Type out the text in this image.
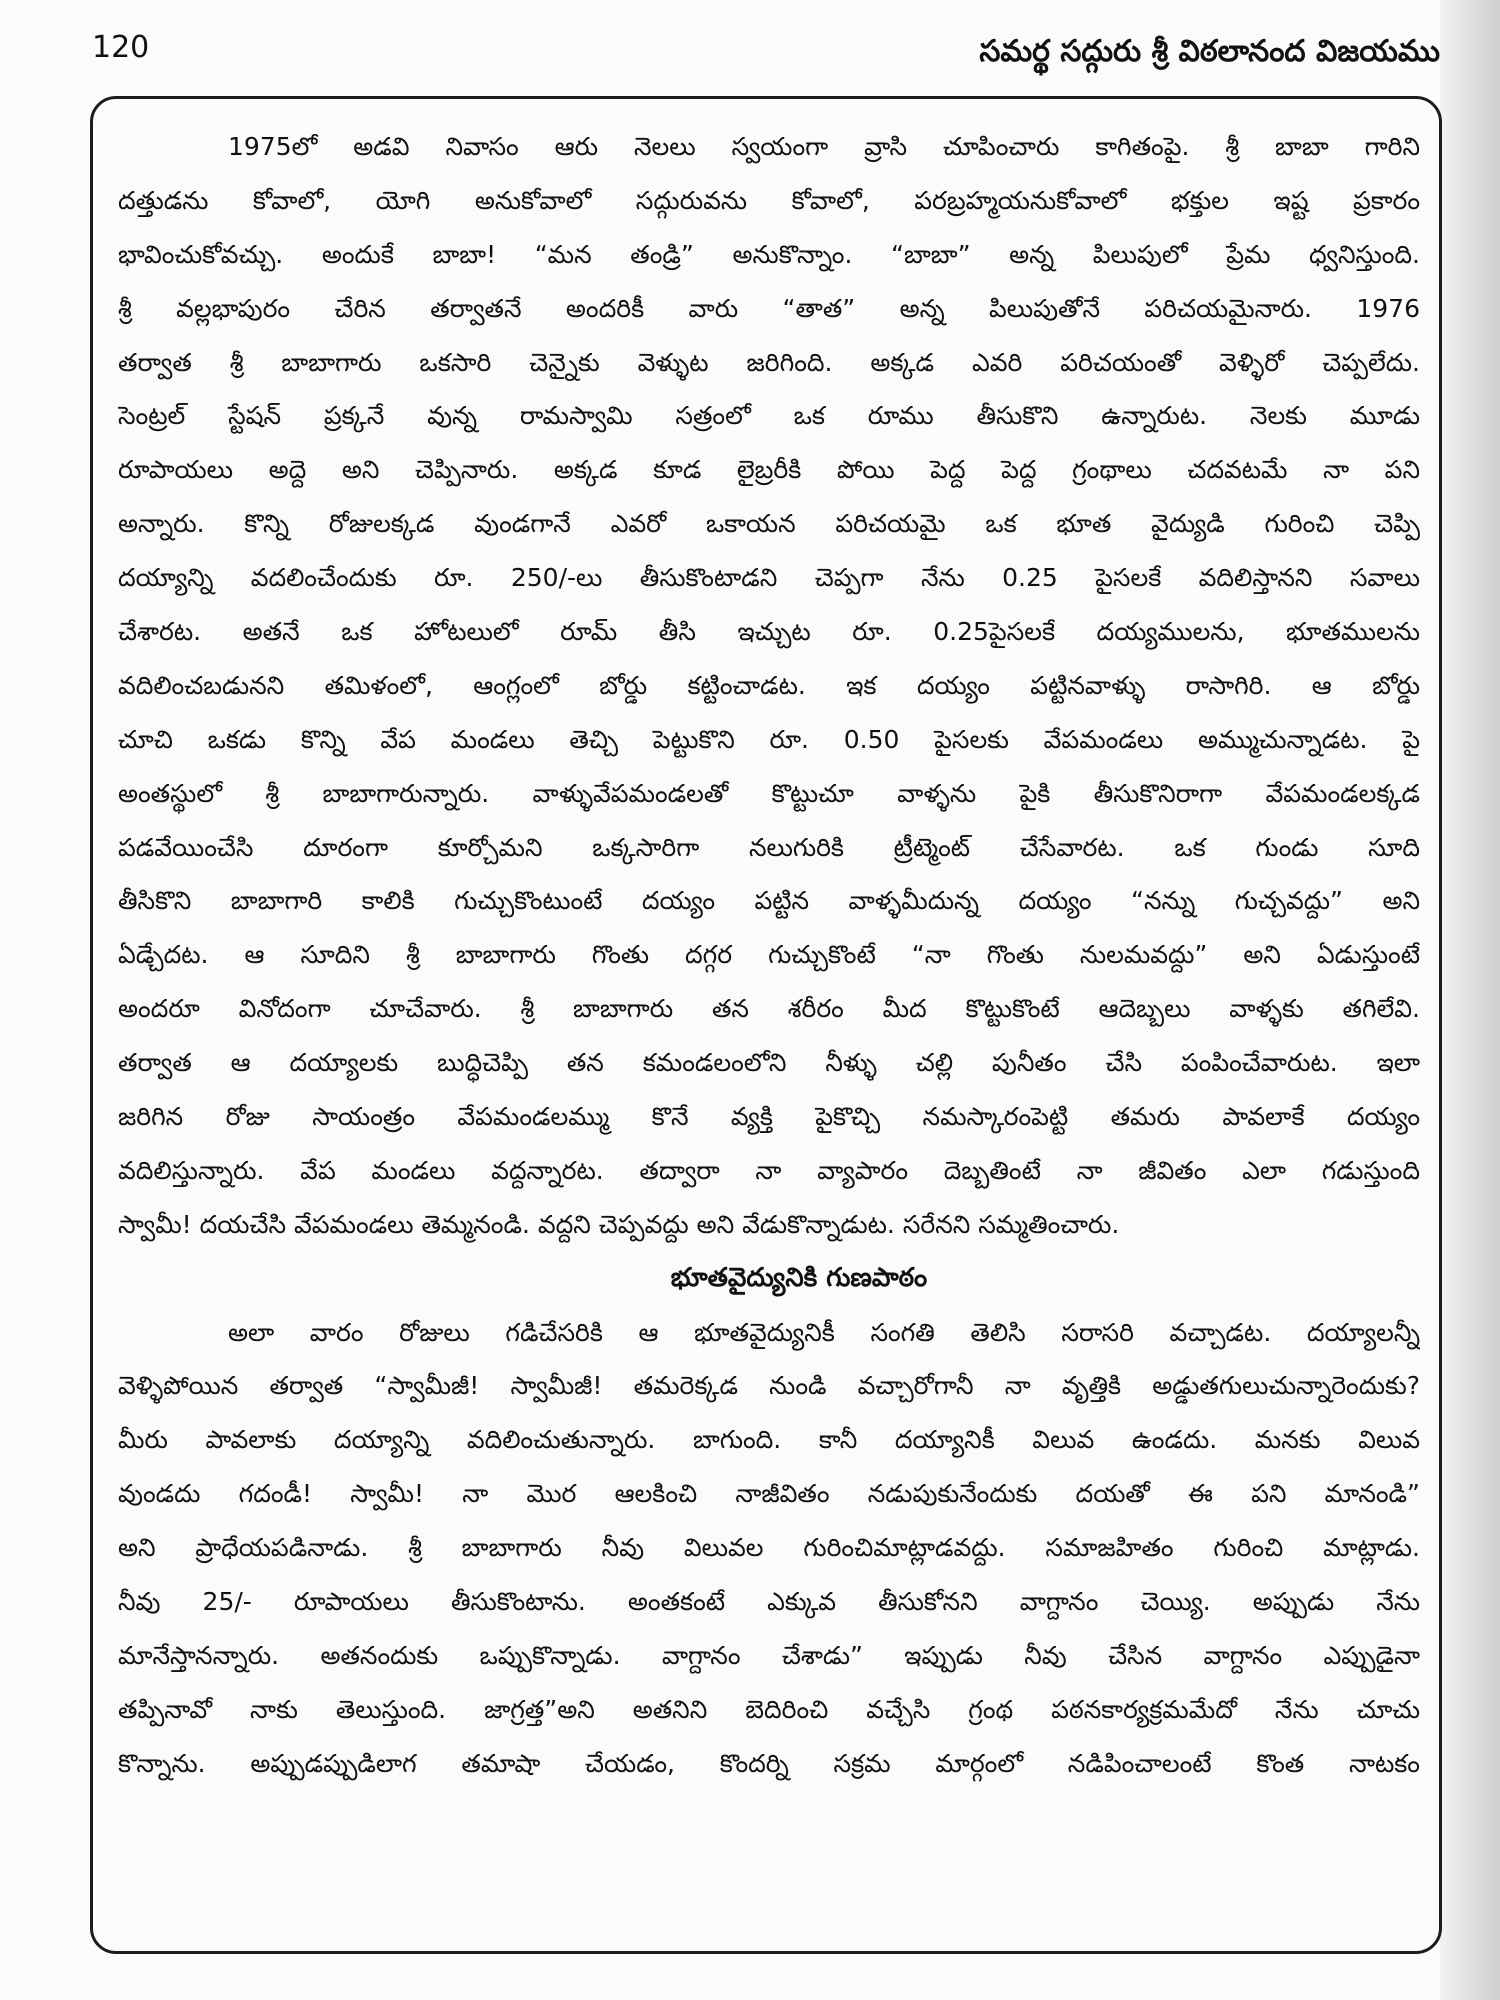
120	సమర్థ సద్గురు శ్రీ విఠలానంద విజయము
1975లో అడవి నివాసం ఆరు నెలలు స్వయంగా వ్రాసి చూపించారు కాగితంపై. శ్రీ బాబా గారిని
దత్తుడను కోవాలో, యోగి అనుకోవాలో సద్గురువను కోవాలో, పరబ్రహ్మయనుకోవాలో భక్తుల ఇష్ట ప్రకారం
భావించుకోవచ్చు. అందుకే బాబా! “మన తండ్రి” అనుకొన్నాం. “బాబా” అన్న పిలుపులో ప్రేమ ధ్వనిస్తుంది.
శ్రీ వల్లభాపురం చేరిన తర్వాతనే అందరికీ వారు “తాత” అన్న పిలుపుతోనే పరిచయమైనారు. 1976
తర్వాత శ్రీ బాబాగారు ఒకసారి చెన్నైకు వెళ్ళుట జరిగింది. అక్కడ ఎవరి పరిచయంతో వెళ్ళిరో చెప్పలేదు.
సెంట్రల్ స్టేషన్ ప్రక్కనే వున్న రామస్వామి సత్రంలో ఒక రూము తీసుకొని ఉన్నారుట. నెలకు మూడు
రూపాయలు అద్దె అని చెప్పినారు. అక్కడ కూడ లైబ్రరీకి పోయి పెద్ద పెద్ద గ్రంథాలు చదవటమే నా పని
అన్నారు. కొన్ని రోజులక్కడ వుండగానే ఎవరో ఒకాయన పరిచయమై ఒక భూత వైద్యుడి గురించి చెప్పి
దయ్యాన్ని వదలించేందుకు రూ. 250/-లు తీసుకొంటాడని చెప్పగా నేను 0.25 పైసలకే వదిలిస్తానని సవాలు
చేశారట. అతనే ఒక హోటలులో రూమ్ తీసి ఇచ్చుట రూ. 0.25పైసలకే దయ్యములను, భూతములను
వదిలించబడునని తమిళంలో, ఆంగ్లంలో బోర్డు కట్టించాడట. ఇక దయ్యం పట్టినవాళ్ళు రాసాగిరి. ఆ బోర్డు
చూచి ఒకడు కొన్ని వేప మండలు తెచ్చి పెట్టుకొని రూ. 0.50 పైసలకు వేపమండలు అమ్ముచున్నాడట. పై
అంతస్థులో శ్రీ బాబాగారున్నారు. వాళ్ళువేపమండలతో కొట్టుచూ వాళ్ళను పైకి తీసుకొనిరాగా వేపమండలక్కడ
పడవేయించేసి దూరంగా కూర్చోమని ఒక్కసారిగా నలుగురికి ట్రీట్మెంట్ చేసేవారట. ఒక గుండు సూది
తీసికొని బాబాగారి కాలికి గుచ్చుకొంటుంటే దయ్యం పట్టిన వాళ్ళమీదున్న దయ్యం “నన్ను గుచ్చవద్దు” అని
ఏడ్చేదట. ఆ సూదిని శ్రీ బాబాగారు గొంతు దగ్గర గుచ్చుకొంటే “నా గొంతు నులమవద్దు” అని ఏడుస్తుంటే
అందరూ వినోదంగా చూచేవారు. శ్రీ బాబాగారు తన శరీరం మీద కొట్టుకొంటే ఆదెబ్బలు వాళ్ళకు తగిలేవి.
తర్వాత ఆ దయ్యాలకు బుద్ధిచెప్పి తన కమండలంలోని నీళ్ళు చల్లి పునీతం చేసి పంపించేవారుట. ఇలా
జరిగిన రోజు సాయంత్రం వేపమండలమ్ము కొనే వ్యక్తి పైకొచ్చి నమస్కారంపెట్టి తమరు పావలాకే దయ్యం
వదిలిస్తున్నారు. వేప మండలు వద్దన్నారట. తద్వారా నా వ్యాపారం దెబ్బతింటే నా జీవితం ఎలా గడుస్తుంది
స్వామీ! దయచేసి వేపమండలు తెమ్మనండి. వద్దని చెప్పవద్దు అని వేడుకొన్నాడుట. సరేనని సమ్మతించారు.
భూతవైద్యునికి గుణపాఠం
అలా వారం రోజులు గడిచేసరికి ఆ భూతవైద్యునికీ సంగతి తెలిసి సరాసరి వచ్చాడట. దయ్యాలన్నీ
వెళ్ళిపోయిన తర్వాత “స్వామీజీ! స్వామీజీ! తమరెక్కడ నుండి వచ్చారోగానీ నా వృత్తికి అడ్డుతగులుచున్నారెందుకు?
మీరు పావలాకు దయ్యాన్ని వదిలించుతున్నారు. బాగుంది. కానీ దయ్యానికీ విలువ ఉండదు. మనకు విలువ
వుండదు గదండీ! స్వామీ! నా మొర ఆలకించి నాజీవితం నడుపుకునేందుకు దయతో ఈ పని మానండి”
అని ప్రాధేయపడినాడు. శ్రీ బాబాగారు నీవు విలువల గురించిమాట్లాడవద్దు. సమాజహితం గురించి మాట్లాడు.
నీవు 25/- రూపాయలు తీసుకొంటాను. అంతకంటే ఎక్కువ తీసుకోనని వాగ్దానం చెయ్యి. అప్పుడు నేను
మానేస్తానన్నారు. అతనందుకు ఒప్పుకొన్నాడు. వాగ్దానం చేశాడు” ఇప్పుడు నీవు చేసిన వాగ్దానం ఎప్పుడైనా
తప్పినావో నాకు తెలుస్తుంది. జాగ్రత్త”అని అతనిని బెదిరించి వచ్చేసి గ్రంథ పఠనకార్యక్రమమేదో నేను చూచు
కొన్నాను. అప్పుడప్పుడిలాగ తమాషా చేయడం, కొందర్ని సక్రమ మార్గంలో నడిపించాలంటే కొంత నాటకం
